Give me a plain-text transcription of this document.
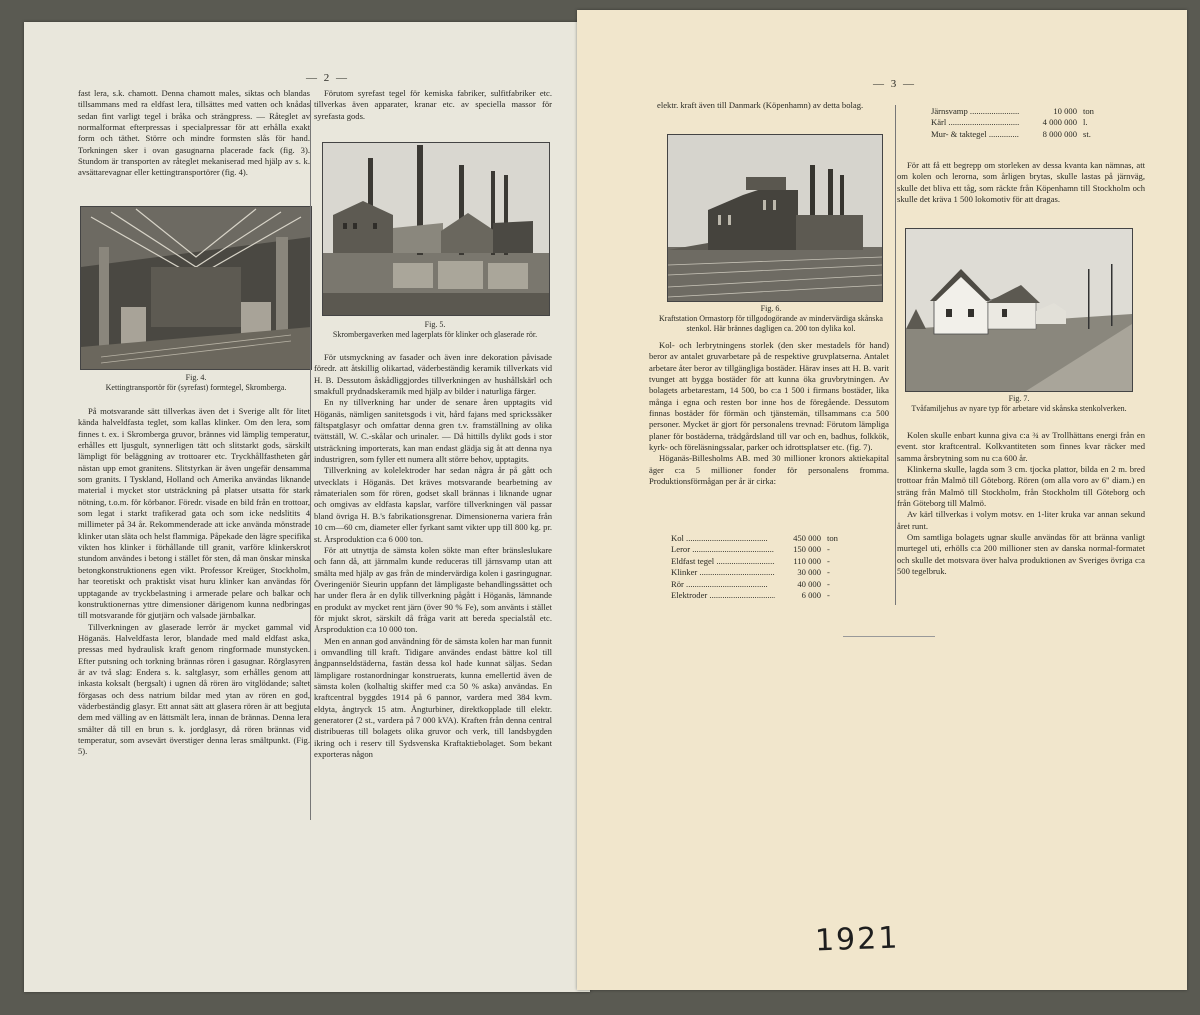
— 2 —

fast lera, s.k. chamott. Denna chamott males, siktas och blandas tillsammans med ra eldfast lera, tillsättes med vatten och knådas sedan fint varligt tegel i bråka och strängpress. — Råteglet av normalformat efterpressas i specialpressar för att erhålla exakt form och täthet. Större och mindre formsten slås för hand. Torkningen sker i ovan gasugnarna placerade fack (fig. 3). Stundom är transporten av råteglet mekaniserad med hjälp av s. k. avsättarevagnar eller kettingtransportörer (fig. 4).

Fig. 4.
Kettingtransportör för (syrefast) formtegel, Skromberga.

På motsvarande sätt tillverkas även det i Sverige allt för litet kända halveldfasta teglet, som kallas klinker. Om den lera, som finnes t. ex. i Skromberga gruvor, brännes vid lämplig temperatur, erhålles ett ljusgult, synnerligen tätt och slitstarkt gods, särskilt lämpligt för beläggning av trottoarer etc. Tryckhållfastheten går nästan upp emot granitens. Slitstyrkan är även ungefär densamma som granits. I Tyskland, Holland och Amerika användas liknande material i mycket stor utsträckning på platser utsatta för stark nötning, t.o.m. för körbanor. Föredr. visade en bild från en trottoar, som legat i starkt trafikerad gata och som icke nedslitits 4 millimeter på 34 år. Rekommenderade att icke använda mönstrade klinker utan släta och helst flammiga. Påpekade den lägre specifika vikten hos klinker i förhållande till granit, varföre klinkerskrot stundom användes i betong i stället för sten, då man önskar minska betongkonstruktionens egen vikt. Professor Kreüger, Stockholm, har teoretiskt och praktiskt visat huru klinker kan användas för upptagande av tryckbelastning i armerade pelare och balkar och konstruktionernas yttre dimensioner därigenom kunna nedbringas till motsvarande för gjutjärn och valsade järnbalkar.

Tillverkningen av glaserade lerrör är mycket gammal vid Höganäs. Halveldfasta leror, blandade med mald eldfast aska, pressas med hydraulisk kraft genom ringformade munstycken. Efter putsning och torkning brännas rören i gasugnar. Rörglasyren är av två slag: Endera s. k. saltglasyr, som erhålles genom att inkasta koksalt (bergsalt) i ugnen då rören äro vitglödande; saltet förgasas och dess natrium bildar med ytan av rören en god, väderbeständig glasyr. Ett annat sätt att glasera rören är att begjuta dem med välling av en lättsmält lera, innan de brännas. Denna lera smälter då till en brun s. k. jordglasyr, då rören brännas vid temperatur, som avsevärt överstiger denna leras smältpunkt. (Fig. 5).

Förutom syrefast tegel för kemiska fabriker, sulfitfabriker etc. tillverkas även apparater, kranar etc. av speciella massor för syrefasta gods.

Fig. 5.
Skrombergaverken med lagerplats för klinker och glaserade rör.

För utsmyckning av fasader och även inre dekoration påvisade föredr. att åtskillig olikartad, väderbeständig keramik tillverkats vid H. B. Dessutom åskådliggjordes tillverkningen av hushållskärl och smakfull prydnadskeramik med hjälp av bilder i naturliga färger.

En ny tillverkning har under de senare åren upptagits vid Höganäs, nämligen sanitetsgods i vit, hård fajans med sprickssäker fältspatglasyr och omfattar denna gren t.v. framställning av olika tvättställ, W. C.-skålar och urinaler. — Då hittills dylikt gods i stor utsträckning importerats, kan man endast glädja sig åt att denna nya industrigren, som fyller ett numera allt större behov, upptagits.

Tillverkning av kolelektroder har sedan några år på gått och utvecklats i Höganäs. Det kräves motsvarande bearbetning av råmaterialen som för rören, godset skall brännas i liknande ugnar och omgivas av eldfasta kapslar, varföre tillverkningen väl passar bland övriga H. B.'s fabrikationsgrenar. Dimensionerna variera från 10 cm—60 cm, diameter eller fyrkant samt vikter upp till 800 kg. pr. st. Årsproduktion c:a 6 000 ton.

För att utnyttja de sämsta kolen sökte man efter bränsleslukare och fann då, att järnmalm kunde reduceras till järnsvamp utan att smälta med hjälp av gas från de mindervärdiga kolen i gasringugnar. Överingeniör Sieurin uppfann det lämpligaste behandlingssättet och har under flera år en dylik tillverkning pågått i Höganäs, lämnande en produkt av mycket rent järn (över 90 % Fe), som använts i stället för mjukt skrot, särskilt då fråga varit att bereda specialstål etc. Årsproduktion c:a 10 000 ton.

Men en annan god användning för de sämsta kolen har man funnit i omvandling till kraft. Tidigare användes endast bättre kol till ångpannseldstäderna, fastän dessa kol hade kunnat säljas. Sedan lämpligare rostanordningar konstruerats, kunna emellertid även de sämsta kolen (kolhaltig skiffer med c:a 50 % aska) användas. En kraftcentral byggdes 1914 på 6 pannor, vardera med 384 kvm. eldyta, ångtryck 15 atm. Ångturbiner, direktkopplade till elektr. generatorer (2 st., vardera på 7 000 kVA). Kraften från denna central distribueras till bolagets olika gruvor och verk, till landsbygden ikring och i reserv till Sydsvenska Kraftaktiebolaget. Som bekant exporteras någon

— 3 —

elektr. kraft även till Danmark (Köpenhamn) av detta bolag.

Fig. 6.
Kraftstation Ormastorp för tillgodogörande av mindervärdiga skånska stenkol. Här brännes dagligen ca. 200 ton dylika kol.

Kol- och lerbrytningens storlek (den sker mestadels för hand) beror av antalet gruvarbetare på de respektive gruvplatserna. Antalet arbetare åter beror av tillgängliga bostäder. Härav inses att H. B. varit tvunget att bygga bostäder för att kunna öka gruvbrytningen. Av bolagets arbetarestam, 14 500, bo c:a 1 500 i firmans bostäder, lika många i egna och resten bor inne hos de föregående. Dessutom finnas bostäder för förmän och tjänstemän, tillsammans c:a 500 personer. Mycket är gjort för personalens trevnad: Förutom lämpliga planer för bostäderna, trädgårdsland till var och en, badhus, folkkök, kyrk- och föreläsningssalar, parker och idrottsplatser etc. (fig. 7).

Höganäs-Billesholms AB. med 30 millioner kronors aktiekapital äger c:a 5 millioner fonder för personalens fromma. Produktionsförmågan per år är cirka:

Kol .....	450 000 ton
Leror .....	150 000 -
Eldfast tegel .....	110 000 -
Klinker .....	30 000 -
Rör .....	40 000 -
Elektroder .....	6 000 -
Järnsvamp .....	10 000 ton
Kärl .....	4 000 000 l.
Mur- & taktegel .....	8 000 000 st.

För att få ett begrepp om storleken av dessa kvanta kan nämnas, att om kolen och lerorna, som årligen brytas, skulle lastas på järnväg, skulle det bliva ett tåg, som räckte från Köpenhamn till Stockholm och skulle det kräva 1 500 lokomotiv för att dragas.

Fig. 7.
Tvåfamiljehus av nyare typ för arbetare vid skånska stenkolverken.

Kolen skulle enbart kunna giva c:a ¾ av Trollhättans energi från en event. stor kraftcentral. Kolkvantiteten som finnes kvar räcker med samma årsbrytning som nu c:a 600 år.

Klinkerna skulle, lagda som 3 cm. tjocka plattor, bilda en 2 m. bred trottoar från Malmö till Göteborg. Rören (om alla voro av 6" diam.) en sträng från Malmö till Stockholm, från Stockholm till Göteborg och från Göteborg till Malmö.

Av kärl tillverkas i volym motsv. en 1-liter kruka var annan sekund året runt.

Om samtliga bolagets ugnar skulle användas för att bränna vanligt murtegel uti, erhölls c:a 200 millioner sten av danska normal-formatet och skulle det motsvara över halva produktionen av Sveriges övriga c:a 500 tegelbruk.

1921
